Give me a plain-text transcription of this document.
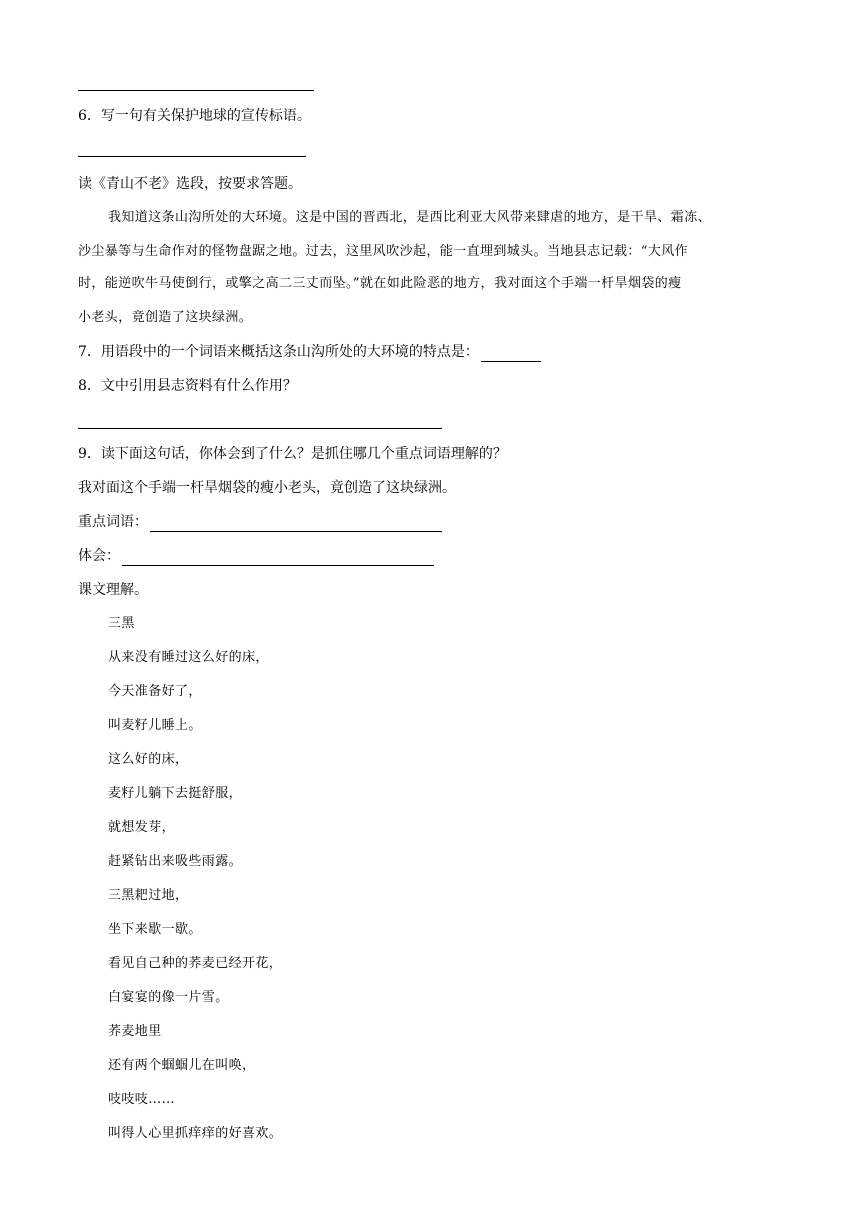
6．写一句有关保护地球的宣传标语。
读《青山不老》选段，按要求答题。
我知道这条山沟所处的大环境。这是中国的晋西北，是西比利亚大风带来肆虐的地方，是干旱、霜冻、
沙尘暴等与生命作对的怪物盘踞之地。过去，这里风吹沙起，能一直埋到城头。当地县志记载：“大风作
时，能逆吹牛马使倒行，或擎之高二三丈而坠。”就在如此险恶的地方，我对面这个手端一杆旱烟袋的瘦
小老头，竟创造了这块绿洲。
7．用语段中的一个词语来概括这条山沟所处的大环境的特点是：
8．文中引用县志资料有什么作用？
9．读下面这句话，你体会到了什么？是抓住哪几个重点词语理解的？
我对面这个手端一杆旱烟袋的瘦小老头，竟创造了这块绿洲。
重点词语：
体会：
课文理解。
三黑
从来没有睡过这么好的床，
今天准备好了，
叫麦籽儿睡上。
这么好的床，
麦籽儿躺下去挺舒服，
就想发芽，
赶紧钻出来吸些雨露。
三黑耙过地，
坐下来歇一歇。
看见自己种的荞麦已经开花，
白宴宴的像一片雪。
荞麦地里
还有两个蝈蝈儿在叫唤，
吱吱吱……
叫得人心里抓痒痒的好喜欢。
